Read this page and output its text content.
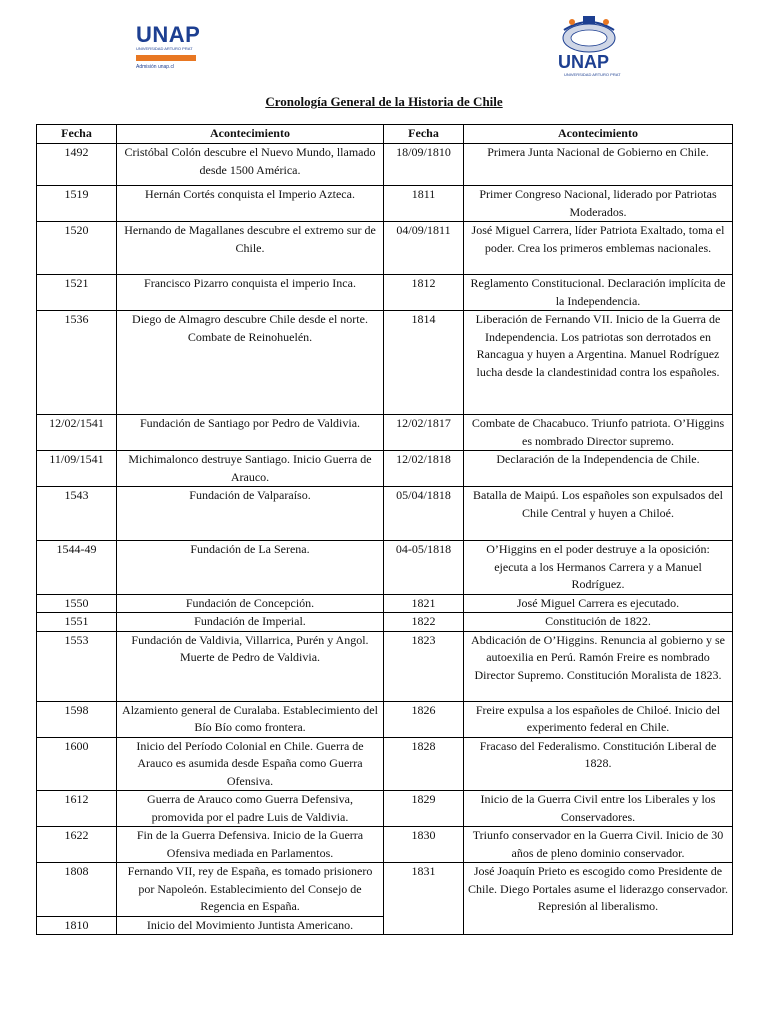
UNAP
UNIVERSIDAD ARTURO PRAT
Admisión unap.cl	UNAP
UNIVERSIDAD ARTURO PRAT
Cronología General de la Historia de Chile
Fecha	Acontecimiento	Fecha	Acontecimiento
1492	Cristóbal Colón descubre el Nuevo Mundo, llamado desde 1500 América.	18/09/1810	Primera Junta Nacional de Gobierno en Chile.
1519	Hernán Cortés conquista el Imperio Azteca.	1811	Primer Congreso Nacional, liderado por Patriotas Moderados.
1520	Hernando de Magallanes descubre el extremo sur de Chile.	04/09/1811	José Miguel Carrera, líder Patriota Exaltado, toma el poder. Crea los primeros emblemas nacionales.
1521	Francisco Pizarro conquista el imperio Inca.	1812	Reglamento Constitucional. Declaración implícita de la Independencia.
1536	Diego de Almagro descubre Chile desde el norte. Combate de Reinohuelén.	1814	Liberación de Fernando VII. Inicio de la Guerra de Independencia. Los patriotas son derrotados en Rancagua y huyen a Argentina. Manuel Rodríguez lucha desde la clandestinidad contra los españoles.
12/02/1541	Fundación de Santiago por Pedro de Valdivia.	12/02/1817	Combate de Chacabuco. Triunfo patriota. O’Higgins es nombrado Director supremo.
11/09/1541	Michimalonco destruye Santiago. Inicio Guerra de Arauco.	12/02/1818	Declaración de la Independencia de Chile.
1543	Fundación de Valparaíso.	05/04/1818	Batalla de Maipú. Los españoles son expulsados del Chile Central y huyen a Chiloé.
1544-49	Fundación de La Serena.	04-05/1818	O’Higgins en el poder destruye a la oposición: ejecuta a los Hermanos Carrera y a Manuel Rodríguez.
1550	Fundación de Concepción.	1821	José Miguel Carrera es ejecutado.
1551	Fundación de Imperial.	1822	Constitución de 1822.
1553	Fundación de Valdivia, Villarrica, Purén y Angol. Muerte de Pedro de Valdivia.	1823	Abdicación de O’Higgins. Renuncia al gobierno y se autoexilia en Perú. Ramón Freire es nombrado Director Supremo. Constitución Moralista de 1823.
1598	Alzamiento general de Curalaba. Establecimiento del Bío Bío como frontera.	1826	Freire expulsa a los españoles de Chiloé. Inicio del experimento federal en Chile.
1600	Inicio del Período Colonial en Chile. Guerra de Arauco es asumida desde España como Guerra Ofensiva.	1828	Fracaso del Federalismo. Constitución Liberal de 1828.
1612	Guerra de Arauco como Guerra Defensiva, promovida por el padre Luis de Valdivia.	1829	Inicio de la Guerra Civil entre los Liberales y los Conservadores.
1622	Fin de la Guerra Defensiva. Inicio de la Guerra Ofensiva mediada en Parlamentos.	1830	Triunfo conservador en la Guerra Civil. Inicio de 30 años de pleno dominio conservador.
1808	Fernando VII, rey de España, es tomado prisionero por Napoleón. Establecimiento del Consejo de Regencia en España.	1831	José Joaquín Prieto es escogido como Presidente de Chile. Diego Portales asume el liderazgo conservador. Represión al liberalismo.
1810	Inicio del Movimiento Juntista Americano.		
